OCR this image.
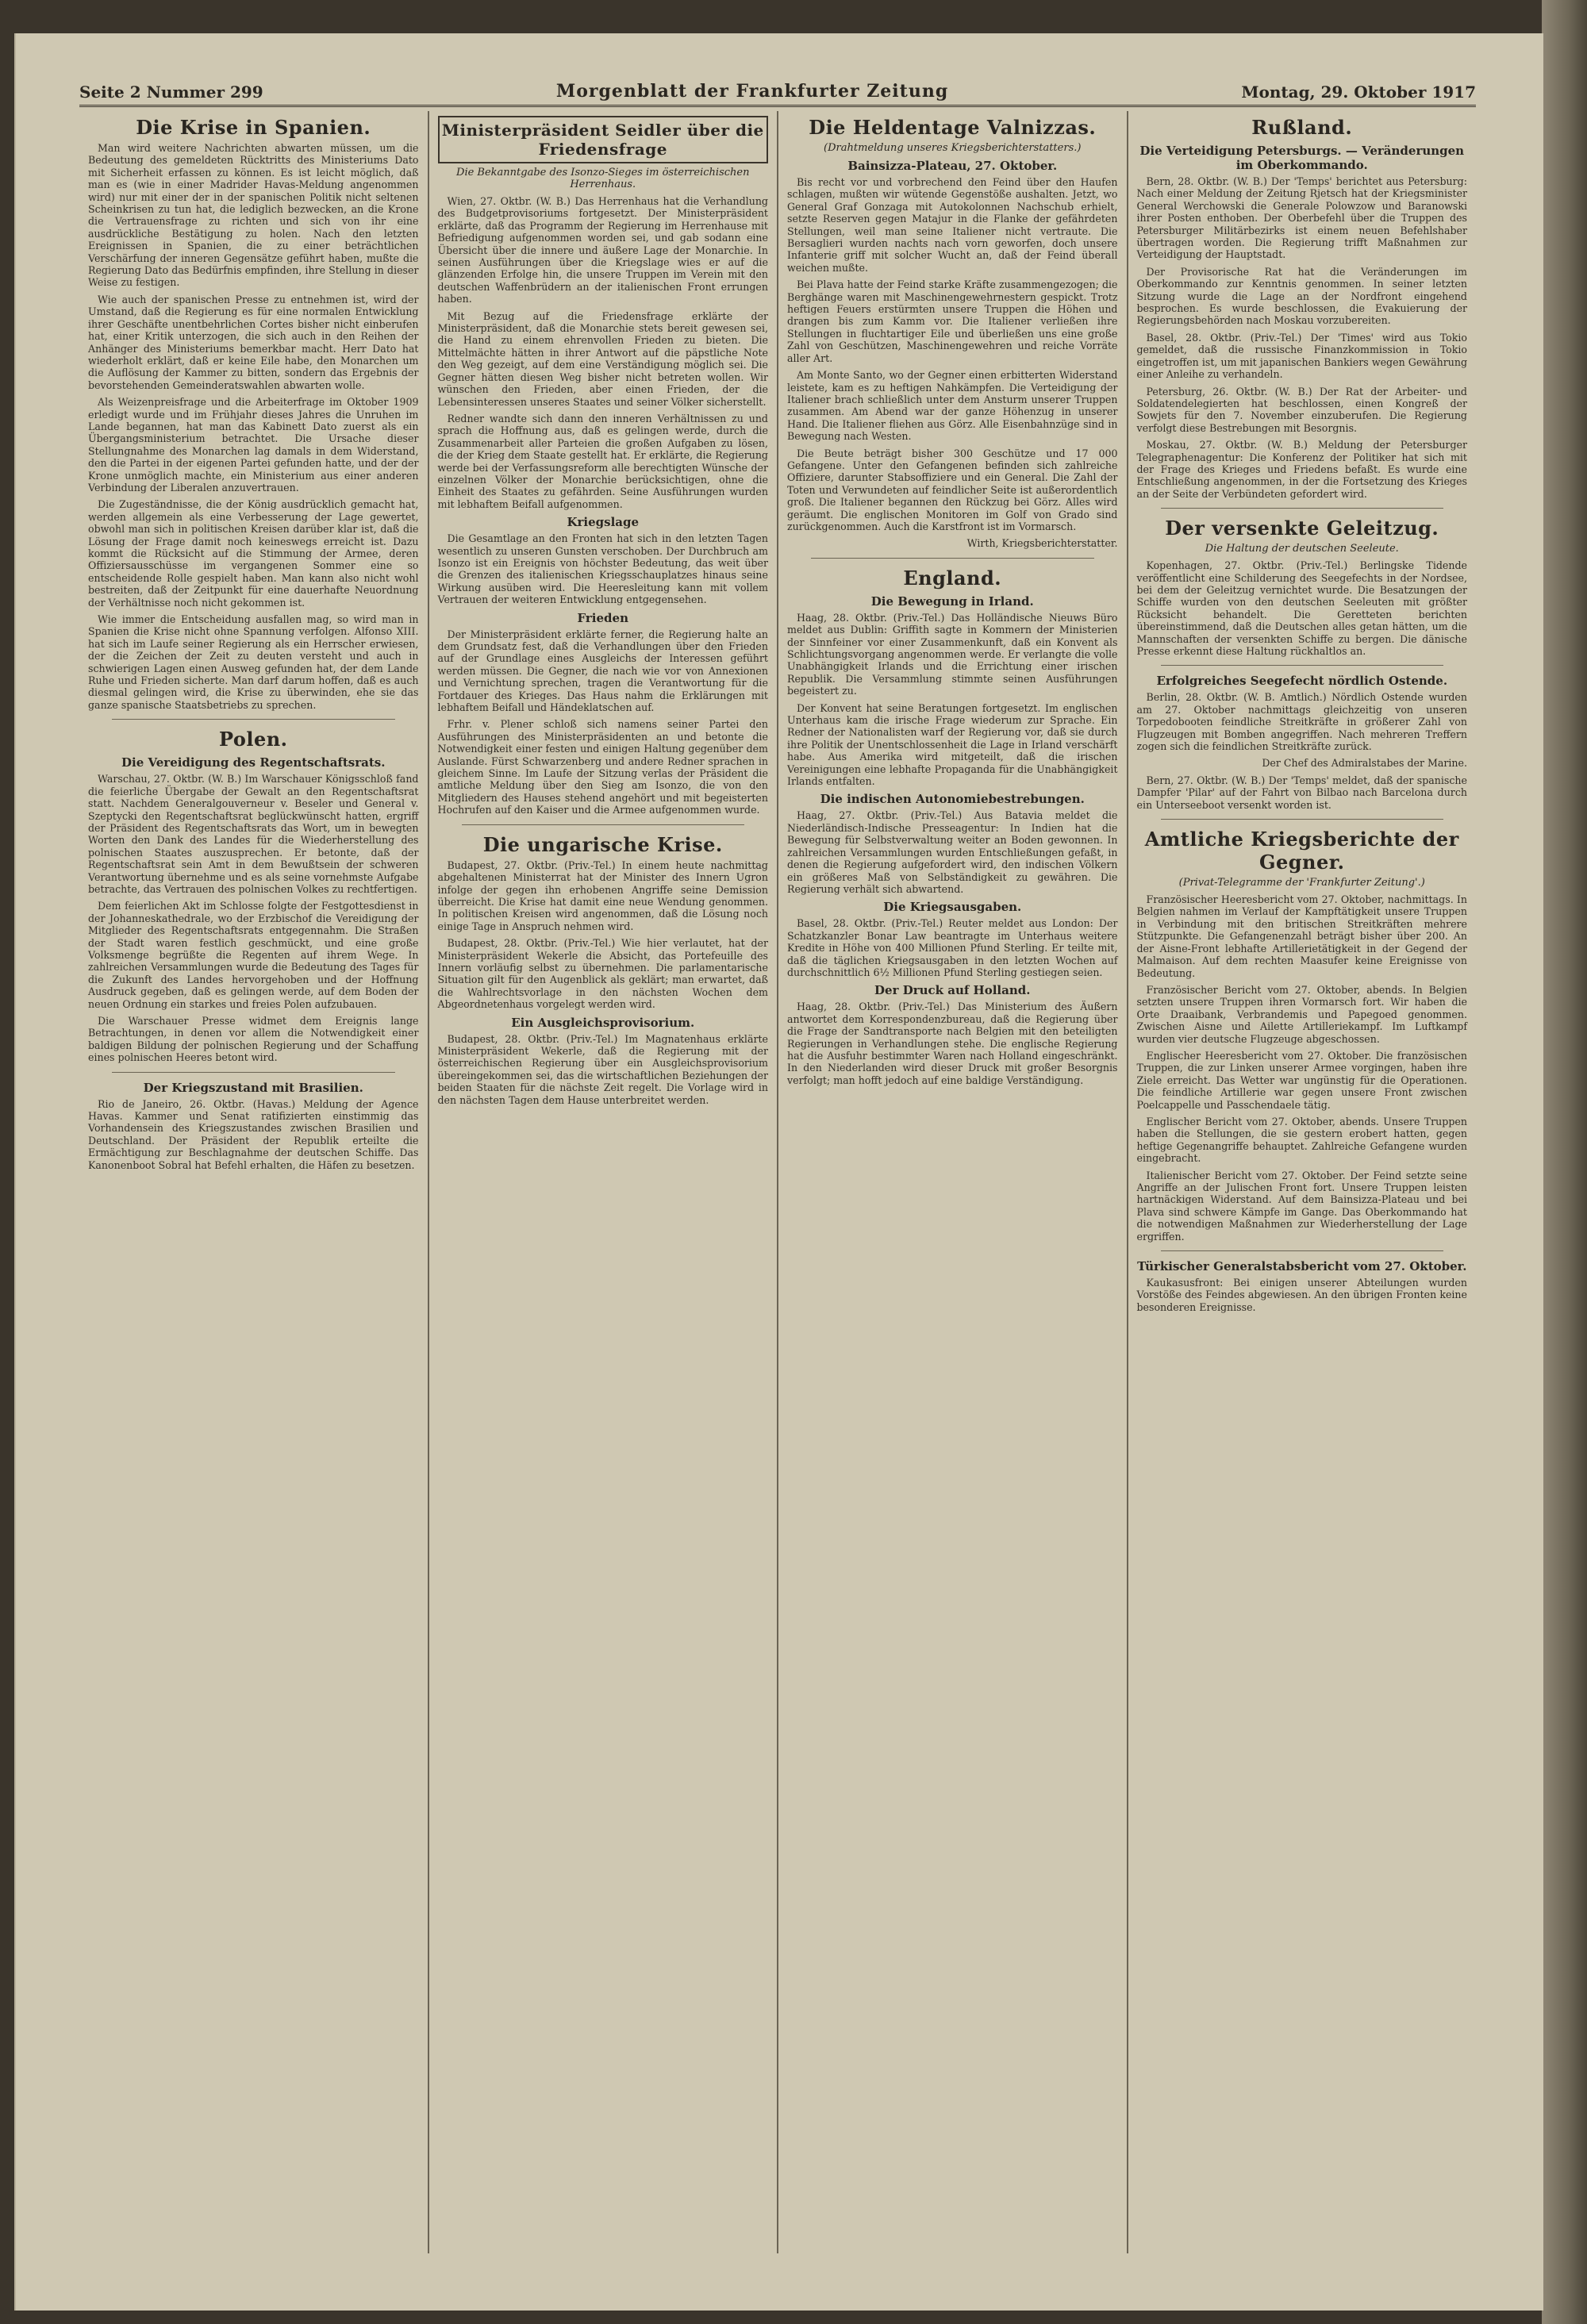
Seite 2 Nummer 299	Morgenblatt der Frankfurter Zeitung	Montag, 29. Oktober 1917
Die Krise in Spanien.

Man wird weitere Nachrichten abwarten müssen, um die Bedeutung des gemeldeten Rücktritts des Ministeriums Dato mit Sicherheit erfassen zu können. Es ist leicht möglich, daß man es (wie in einer Madrider Havas-Meldung angenommen wird) nur mit einer der in der spanischen Politik nicht seltenen Scheinkrisen zu tun hat, die lediglich bezwecken, an die Krone die Vertrauensfrage zu richten und sich von ihr eine ausdrückliche Bestätigung zu holen. Nach den letzten Ereignissen in Spanien, die zu einer beträchtlichen Verschärfung der inneren Gegensätze geführt haben, mußte die Regierung Dato das Bedürfnis empfinden, ihre Stellung in dieser Weise zu festigen.

Wie auch der spanischen Presse zu entnehmen ist, wird der Umstand, daß die Regierung es für eine normalen Entwicklung ihrer Geschäfte unentbehrlichen Cortes bisher nicht einberufen hat, einer Kritik unterzogen, die sich auch in den Reihen der Anhänger des Ministeriums bemerkbar macht. Herr Dato hat wiederholt erklärt, daß er keine Eile habe, den Monarchen um die Auflösung der Kammer zu bitten, sondern das Ergebnis der bevorstehenden Gemeinderatswahlen abwarten wolle.

Als Weizenpreisfrage und die Arbeiterfrage im Oktober 1909 erledigt wurde und im Frühjahr dieses Jahres die Unruhen im Lande begannen, hat man das Kabinett Dato zuerst als ein Übergangsministerium betrachtet. Die Ursache dieser Stellungnahme des Monarchen lag damals in dem Widerstand, den die Partei in der eigenen Partei gefunden hatte, und der der Krone unmöglich machte, ein Ministerium aus einer anderen Verbindung der Liberalen anzuvertrauen.

Die Zugeständnisse, die der König ausdrücklich gemacht hat, werden allgemein als eine Verbesserung der Lage gewertet, obwohl man sich in politischen Kreisen darüber klar ist, daß die Lösung der Frage damit noch keineswegs erreicht ist. Dazu kommt die Rücksicht auf die Stimmung der Armee, deren Offiziersausschüsse im vergangenen Sommer eine so entscheidende Rolle gespielt haben. Man kann also nicht wohl bestreiten, daß der Zeitpunkt für eine dauerhafte Neuordnung der Verhältnisse noch nicht gekommen ist.

Wie immer die Entscheidung ausfallen mag, so wird man in Spanien die Krise nicht ohne Spannung verfolgen. Alfonso XIII. hat sich im Laufe seiner Regierung als ein Herrscher erwiesen, der die Zeichen der Zeit zu deuten versteht und auch in schwierigen Lagen einen Ausweg gefunden hat, der dem Lande Ruhe und Frieden sicherte. Man darf darum hoffen, daß es auch diesmal gelingen wird, die Krise zu überwinden, ehe sie das ganze spanische Staatsbetriebs zu sprechen.

Polen.
Die Vereidigung des Regentschaftsrats.

Warschau, 27. Oktbr. (W. B.) Im Warschauer Königsschloß fand die feierliche Übergabe der Gewalt an den Regentschaftsrat statt. Nachdem Generalgouverneur v. Beseler und General v. Szeptycki den Regentschaftsrat beglückwünscht hatten, ergriff der Präsident des Regentschaftsrats das Wort, um in bewegten Worten den Dank des Landes für die Wiederherstellung des polnischen Staates auszusprechen. Er betonte, daß der Regentschaftsrat sein Amt in dem Bewußtsein der schweren Verantwortung übernehme und es als seine vornehmste Aufgabe betrachte, das Vertrauen des polnischen Volkes zu rechtfertigen.

Dem feierlichen Akt im Schlosse folgte der Festgottesdienst in der Johanneskathedrale, wo der Erzbischof die Vereidigung der Mitglieder des Regentschaftsrats entgegennahm. Die Straßen der Stadt waren festlich geschmückt, und eine große Volksmenge begrüßte die Regenten auf ihrem Wege. In zahlreichen Versammlungen wurde die Bedeutung des Tages für die Zukunft des Landes hervorgehoben und der Hoffnung Ausdruck gegeben, daß es gelingen werde, auf dem Boden der neuen Ordnung ein starkes und freies Polen aufzubauen.

Die Warschauer Presse widmet dem Ereignis lange Betrachtungen, in denen vor allem die Notwendigkeit einer baldigen Bildung der polnischen Regierung und der Schaffung eines polnischen Heeres betont wird.

Der Kriegszustand mit Brasilien.

Rio de Janeiro, 26. Oktbr. (Havas.) Meldung der Agence Havas. Kammer und Senat ratifizierten einstimmig das Vorhandensein des Kriegszustandes zwischen Brasilien und Deutschland. Der Präsident der Republik erteilte die Ermächtigung zur Beschlagnahme der deutschen Schiffe. Das Kanonenboot Sobral hat Befehl erhalten, die Häfen zu besetzen.

Ministerpräsident Seidler über die Friedensfrage

Die Bekanntgabe des Isonzo-Sieges im österreichischen Herrenhaus.

Wien, 27. Oktbr. (W. B.) Das Herrenhaus hat die Verhandlung des Budgetprovisoriums fortgesetzt. Der Ministerpräsident erklärte, daß das Programm der Regierung im Herrenhause mit Befriedigung aufgenommen worden sei, und gab sodann eine Übersicht über die innere und äußere Lage der Monarchie. In seinen Ausführungen über die Kriegslage wies er auf die glänzenden Erfolge hin, die unsere Truppen im Verein mit den deutschen Waffenbrüdern an der italienischen Front errungen haben.

Mit Bezug auf die Friedensfrage erklärte der Ministerpräsident, daß die Monarchie stets bereit gewesen sei, die Hand zu einem ehrenvollen Frieden zu bieten. Die Mittelmächte hätten in ihrer Antwort auf die päpstliche Note den Weg gezeigt, auf dem eine Verständigung möglich sei. Die Gegner hätten diesen Weg bisher nicht betreten wollen. Wir wünschen den Frieden, aber einen Frieden, der die Lebensinteressen unseres Staates und seiner Völker sicherstellt.

Redner wandte sich dann den inneren Verhältnissen zu und sprach die Hoffnung aus, daß es gelingen werde, durch die Zusammenarbeit aller Parteien die großen Aufgaben zu lösen, die der Krieg dem Staate gestellt hat. Er erklärte, die Regierung werde bei der Verfassungsreform alle berechtigten Wünsche der einzelnen Völker der Monarchie berücksichtigen, ohne die Einheit des Staates zu gefährden. Seine Ausführungen wurden mit lebhaftem Beifall aufgenommen.

Kriegslage

Die Gesamtlage an den Fronten hat sich in den letzten Tagen wesentlich zu unseren Gunsten verschoben. Der Durchbruch am Isonzo ist ein Ereignis von höchster Bedeutung, das weit über die Grenzen des italienischen Kriegsschauplatzes hinaus seine Wirkung ausüben wird. Die Heeresleitung kann mit vollem Vertrauen der weiteren Entwicklung entgegensehen.

Frieden

Der Ministerpräsident erklärte ferner, die Regierung halte an dem Grundsatz fest, daß die Verhandlungen über den Frieden auf der Grundlage eines Ausgleichs der Interessen geführt werden müssen. Die Gegner, die nach wie vor von Annexionen und Vernichtung sprechen, tragen die Verantwortung für die Fortdauer des Krieges. Das Haus nahm die Erklärungen mit lebhaftem Beifall und Händeklatschen auf.

Frhr. v. Plener schloß sich namens seiner Partei den Ausführungen des Ministerpräsidenten an und betonte die Notwendigkeit einer festen und einigen Haltung gegenüber dem Auslande. Fürst Schwarzenberg und andere Redner sprachen in gleichem Sinne. Im Laufe der Sitzung verlas der Präsident die amtliche Meldung über den Sieg am Isonzo, die von den Mitgliedern des Hauses stehend angehört und mit begeisterten Hochrufen auf den Kaiser und die Armee aufgenommen wurde.

Die ungarische Krise.

Budapest, 27. Oktbr. (Priv.-Tel.) In einem heute nachmittag abgehaltenen Ministerrat hat der Minister des Innern Ugron infolge der gegen ihn erhobenen Angriffe seine Demission überreicht. Die Krise hat damit eine neue Wendung genommen. In politischen Kreisen wird angenommen, daß die Lösung noch einige Tage in Anspruch nehmen wird.

Budapest, 28. Oktbr. (Priv.-Tel.) Wie hier verlautet, hat der Ministerpräsident Wekerle die Absicht, das Portefeuille des Innern vorläufig selbst zu übernehmen. Die parlamentarische Situation gilt für den Augenblick als geklärt; man erwartet, daß die Wahlrechtsvorlage in den nächsten Wochen dem Abgeordnetenhaus vorgelegt werden wird.

Ein Ausgleichsprovisorium.

Budapest, 28. Oktbr. (Priv.-Tel.) Im Magnatenhaus erklärte Ministerpräsident Wekerle, daß die Regierung mit der österreichischen Regierung über ein Ausgleichsprovisorium übereingekommen sei, das die wirtschaftlichen Beziehungen der beiden Staaten für die nächste Zeit regelt. Die Vorlage wird in den nächsten Tagen dem Hause unterbreitet werden.

Die Heldentage Valnizzas.

(Drahtmeldung unseres Kriegsberichterstatters.)

Bainsizza-Plateau, 27. Oktober.

Bis recht vor und vorbrechend den Feind über den Haufen schlagen, mußten wir wütende Gegenstöße aushalten. Jetzt, wo General Graf Gonzaga mit Autokolonnen Nachschub erhielt, setzte Reserven gegen Matajur in die Flanke der gefährdeten Stellungen, weil man seine Italiener nicht vertraute. Die Bersaglieri wurden nachts nach vorn geworfen, doch unsere Infanterie griff mit solcher Wucht an, daß der Feind überall weichen mußte.

Bei Plava hatte der Feind starke Kräfte zusammengezogen; die Berghänge waren mit Maschinengewehrnestern gespickt. Trotz heftigen Feuers erstürmten unsere Truppen die Höhen und drangen bis zum Kamm vor. Die Italiener verließen ihre Stellungen in fluchtartiger Eile und überließen uns eine große Zahl von Geschützen, Maschinengewehren und reiche Vorräte aller Art.

Am Monte Santo, wo der Gegner einen erbitterten Widerstand leistete, kam es zu heftigen Nahkämpfen. Die Verteidigung der Italiener brach schließlich unter dem Ansturm unserer Truppen zusammen. Am Abend war der ganze Höhenzug in unserer Hand. Die Italiener fliehen aus Görz. Alle Eisenbahnzüge sind in Bewegung nach Westen.

Die Beute beträgt bisher 300 Geschütze und 17 000 Gefangene. Unter den Gefangenen befinden sich zahlreiche Offiziere, darunter Stabsoffiziere und ein General. Die Zahl der Toten und Verwundeten auf feindlicher Seite ist außerordentlich groß. Die Italiener begannen den Rückzug bei Görz. Alles wird geräumt. Die englischen Monitoren im Golf von Grado sind zurückgenommen. Auch die Karstfront ist im Vormarsch.

Wirth, Kriegsberichterstatter.

England.
Die Bewegung in Irland.

Haag, 28. Oktbr. (Priv.-Tel.) Das Holländische Nieuws Büro meldet aus Dublin: Griffith sagte in Kommern der Ministerien der Sinnfeiner vor einer Zusammenkunft, daß ein Konvent als Schlichtungsvorgang angenommen werde. Er verlangte die volle Unabhängigkeit Irlands und die Errichtung einer irischen Republik. Die Versammlung stimmte seinen Ausführungen begeistert zu.

Der Konvent hat seine Beratungen fortgesetzt. Im englischen Unterhaus kam die irische Frage wiederum zur Sprache. Ein Redner der Nationalisten warf der Regierung vor, daß sie durch ihre Politik der Unentschlossenheit die Lage in Irland verschärft habe. Aus Amerika wird mitgeteilt, daß die irischen Vereinigungen eine lebhafte Propaganda für die Unabhängigkeit Irlands entfalten.

Die indischen Autonomiebestrebungen.

Haag, 27. Oktbr. (Priv.-Tel.) Aus Batavia meldet die Niederländisch-Indische Presseagentur: In Indien hat die Bewegung für Selbstverwaltung weiter an Boden gewonnen. In zahlreichen Versammlungen wurden Entschließungen gefaßt, in denen die Regierung aufgefordert wird, den indischen Völkern ein größeres Maß von Selbständigkeit zu gewähren. Die Regierung verhält sich abwartend.

Die Kriegsausgaben.

Basel, 28. Oktbr. (Priv.-Tel.) Reuter meldet aus London: Der Schatzkanzler Bonar Law beantragte im Unterhaus weitere Kredite in Höhe von 400 Millionen Pfund Sterling. Er teilte mit, daß die täglichen Kriegsausgaben in den letzten Wochen auf durchschnittlich 6½ Millionen Pfund Sterling gestiegen seien.

Der Druck auf Holland.

Haag, 28. Oktbr. (Priv.-Tel.) Das Ministerium des Äußern antwortet dem Korrespondenzbureau, daß die Regierung über die Frage der Sandtransporte nach Belgien mit den beteiligten Regierungen in Verhandlungen stehe. Die englische Regierung hat die Ausfuhr bestimmter Waren nach Holland eingeschränkt. In den Niederlanden wird dieser Druck mit großer Besorgnis verfolgt; man hofft jedoch auf eine baldige Verständigung.

Rußland.
Die Verteidigung Petersburgs. — Veränderungen im Oberkommando.

Bern, 28. Oktbr. (W. B.) Der 'Temps' berichtet aus Petersburg: Nach einer Meldung der Zeitung Rjetsch hat der Kriegsminister General Werchowski die Generale Polowzow und Baranowski ihrer Posten enthoben. Der Oberbefehl über die Truppen des Petersburger Militärbezirks ist einem neuen Befehlshaber übertragen worden. Die Regierung trifft Maßnahmen zur Verteidigung der Hauptstadt.

Der Provisorische Rat hat die Veränderungen im Oberkommando zur Kenntnis genommen. In seiner letzten Sitzung wurde die Lage an der Nordfront eingehend besprochen. Es wurde beschlossen, die Evakuierung der Regierungsbehörden nach Moskau vorzubereiten.

Basel, 28. Oktbr. (Priv.-Tel.) Der 'Times' wird aus Tokio gemeldet, daß die russische Finanzkommission in Tokio eingetroffen ist, um mit japanischen Bankiers wegen Gewährung einer Anleihe zu verhandeln.

Petersburg, 26. Oktbr. (W. B.) Der Rat der Arbeiter- und Soldatendelegierten hat beschlossen, einen Kongreß der Sowjets für den 7. November einzuberufen. Die Regierung verfolgt diese Bestrebungen mit Besorgnis.

Moskau, 27. Oktbr. (W. B.) Meldung der Petersburger Telegraphenagentur: Die Konferenz der Politiker hat sich mit der Frage des Krieges und Friedens befaßt. Es wurde eine Entschließung angenommen, in der die Fortsetzung des Krieges an der Seite der Verbündeten gefordert wird.

Der versenkte Geleitzug.

Die Haltung der deutschen Seeleute.

Kopenhagen, 27. Oktbr. (Priv.-Tel.) Berlingske Tidende veröffentlicht eine Schilderung des Seegefechts in der Nordsee, bei dem der Geleitzug vernichtet wurde. Die Besatzungen der Schiffe wurden von den deutschen Seeleuten mit größter Rücksicht behandelt. Die Geretteten berichten übereinstimmend, daß die Deutschen alles getan hätten, um die Mannschaften der versenkten Schiffe zu bergen. Die dänische Presse erkennt diese Haltung rückhaltlos an.

Erfolgreiches Seegefecht nördlich Ostende.

Berlin, 28. Oktbr. (W. B. Amtlich.) Nördlich Ostende wurden am 27. Oktober nachmittags gleichzeitig von unseren Torpedobooten feindliche Streitkräfte in größerer Zahl von Flugzeugen mit Bomben angegriffen. Nach mehreren Treffern zogen sich die feindlichen Streitkräfte zurück.

Der Chef des Admiralstabes der Marine.

Bern, 27. Oktbr. (W. B.) Der 'Temps' meldet, daß der spanische Dampfer 'Pilar' auf der Fahrt von Bilbao nach Barcelona durch ein Unterseeboot versenkt worden ist.

Amtliche Kriegsberichte der Gegner.

(Privat-Telegramme der 'Frankfurter Zeitung'.)

Französischer Heeresbericht vom 27. Oktober, nachmittags. In Belgien nahmen im Verlauf der Kampftätigkeit unsere Truppen in Verbindung mit den britischen Streitkräften mehrere Stützpunkte. Die Gefangenenzahl beträgt bisher über 200. An der Aisne-Front lebhafte Artillerietätigkeit in der Gegend der Malmaison. Auf dem rechten Maasufer keine Ereignisse von Bedeutung.

Französischer Bericht vom 27. Oktober, abends. In Belgien setzten unsere Truppen ihren Vormarsch fort. Wir haben die Orte Draaibank, Verbrandemis und Papegoed genommen. Zwischen Aisne und Ailette Artilleriekampf. Im Luftkampf wurden vier deutsche Flugzeuge abgeschossen.

Englischer Heeresbericht vom 27. Oktober. Die französischen Truppen, die zur Linken unserer Armee vorgingen, haben ihre Ziele erreicht. Das Wetter war ungünstig für die Operationen. Die feindliche Artillerie war gegen unsere Front zwischen Poelcappelle und Passchendaele tätig.

Englischer Bericht vom 27. Oktober, abends. Unsere Truppen haben die Stellungen, die sie gestern erobert hatten, gegen heftige Gegenangriffe behauptet. Zahlreiche Gefangene wurden eingebracht.

Italienischer Bericht vom 27. Oktober. Der Feind setzte seine Angriffe an der Julischen Front fort. Unsere Truppen leisten hartnäckigen Widerstand. Auf dem Bainsizza-Plateau und bei Plava sind schwere Kämpfe im Gange. Das Oberkommando hat die notwendigen Maßnahmen zur Wiederherstellung der Lage ergriffen.

Türkischer Generalstabsbericht vom 27. Oktober.

Kaukasusfront: Bei einigen unserer Abteilungen wurden Vorstöße des Feindes abgewiesen. An den übrigen Fronten keine besonderen Ereignisse.
